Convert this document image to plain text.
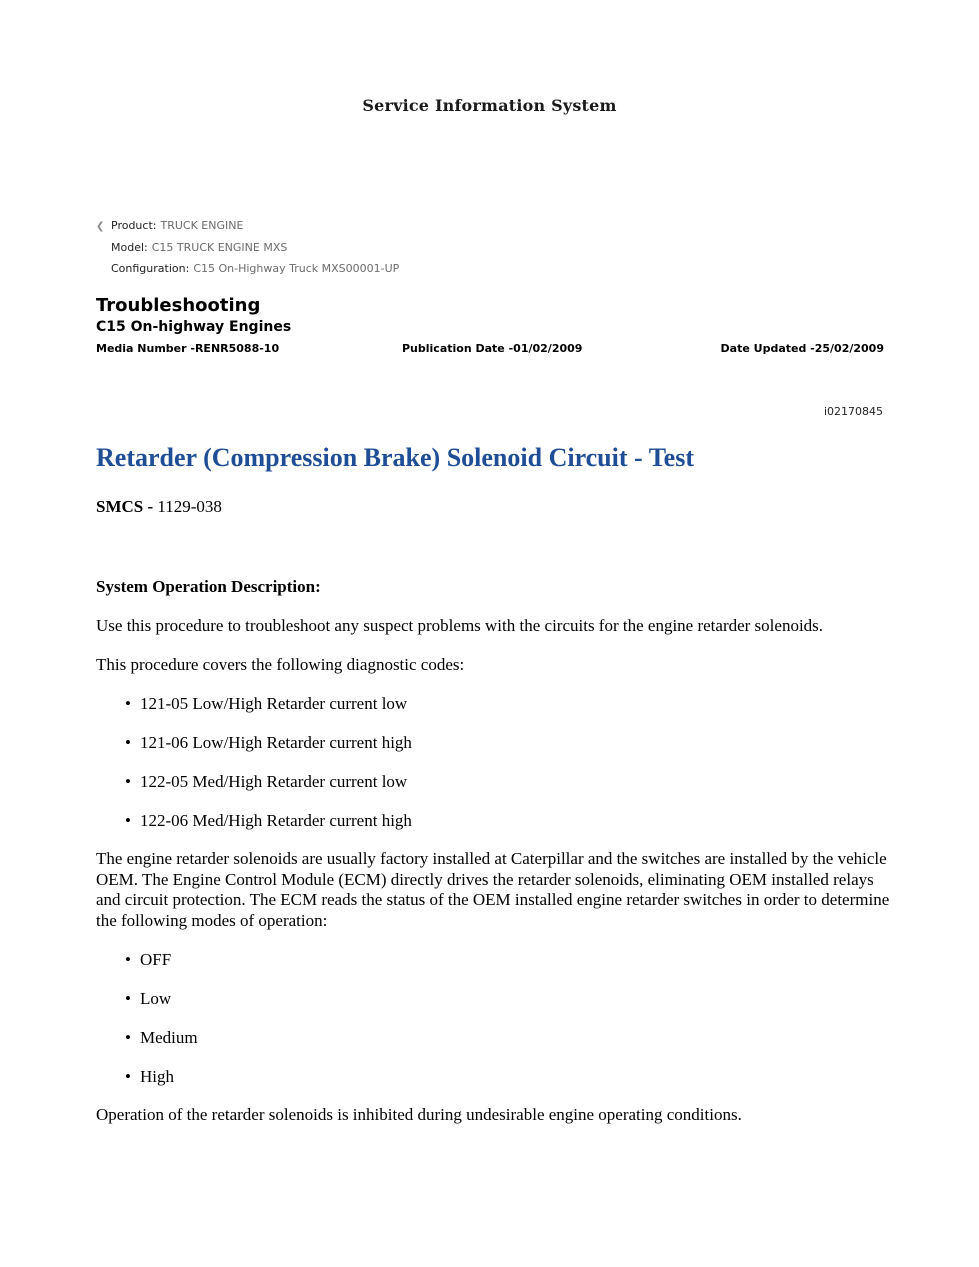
Service Information System
❮ Product: TRUCK ENGINE
Model: C15 TRUCK ENGINE MXS
Configuration: C15 On-Highway Truck MXS00001-UP
Troubleshooting
C15 On-highway Engines
Media Number -RENR5088-10	Publication Date -01/02/2009	Date Updated -25/02/2009
i02170845
Retarder (Compression Brake) Solenoid Circuit - Test
SMCS - 1129-038
System Operation Description:
Use this procedure to troubleshoot any suspect problems with the circuits for the engine retarder solenoids.
This procedure covers the following diagnostic codes:
• 121-05 Low/High Retarder current low
• 121-06 Low/High Retarder current high
• 122-05 Med/High Retarder current low
• 122-06 Med/High Retarder current high
The engine retarder solenoids are usually factory installed at Caterpillar and the switches are installed by the vehicle OEM. The Engine Control Module (ECM) directly drives the retarder solenoids, eliminating OEM installed relays and circuit protection. The ECM reads the status of the OEM installed engine retarder switches in order to determine the following modes of operation:
• OFF
• Low
• Medium
• High
Operation of the retarder solenoids is inhibited during undesirable engine operating conditions.
